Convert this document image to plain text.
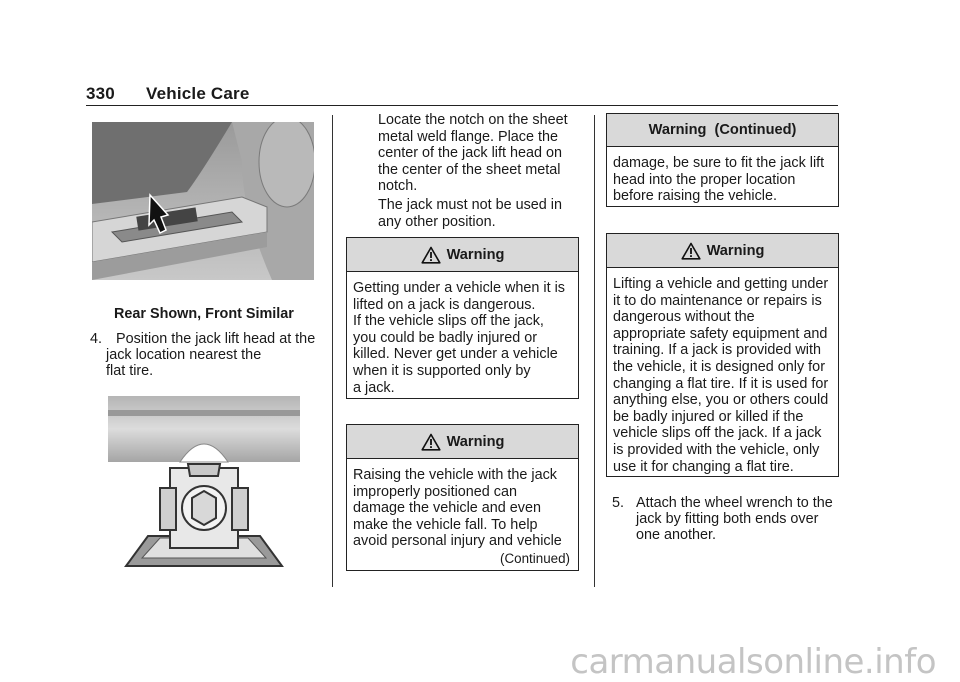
330 Vehicle Care
Rear Shown, Front Similar
4. Position the jack lift head at the
jack location nearest the
flat tire.
Locate the notch on the sheet
metal weld flange. Place the
center of the jack lift head on
the center of the sheet metal
notch.
The jack must not be used in
any other position.
Warning
Getting under a vehicle when it is
lifted on a jack is dangerous.
If the vehicle slips off the jack,
you could be badly injured or
killed. Never get under a vehicle
when it is supported only by
a jack.
Warning
Raising the vehicle with the jack
improperly positioned can
damage the vehicle and even
make the vehicle fall. To help
avoid personal injury and vehicle
(Continued)
Warning  (Continued)
damage, be sure to fit the jack lift
head into the proper location
before raising the vehicle.
Warning
Lifting a vehicle and getting under
it to do maintenance or repairs is
dangerous without the
appropriate safety equipment and
training. If a jack is provided with
the vehicle, it is designed only for
changing a flat tire. If it is used for
anything else, you or others could
be badly injured or killed if the
vehicle slips off the jack. If a jack
is provided with the vehicle, only
use it for changing a flat tire.
5. Attach the wheel wrench to the
jack by fitting both ends over
one another.
carmanualsonline.info
